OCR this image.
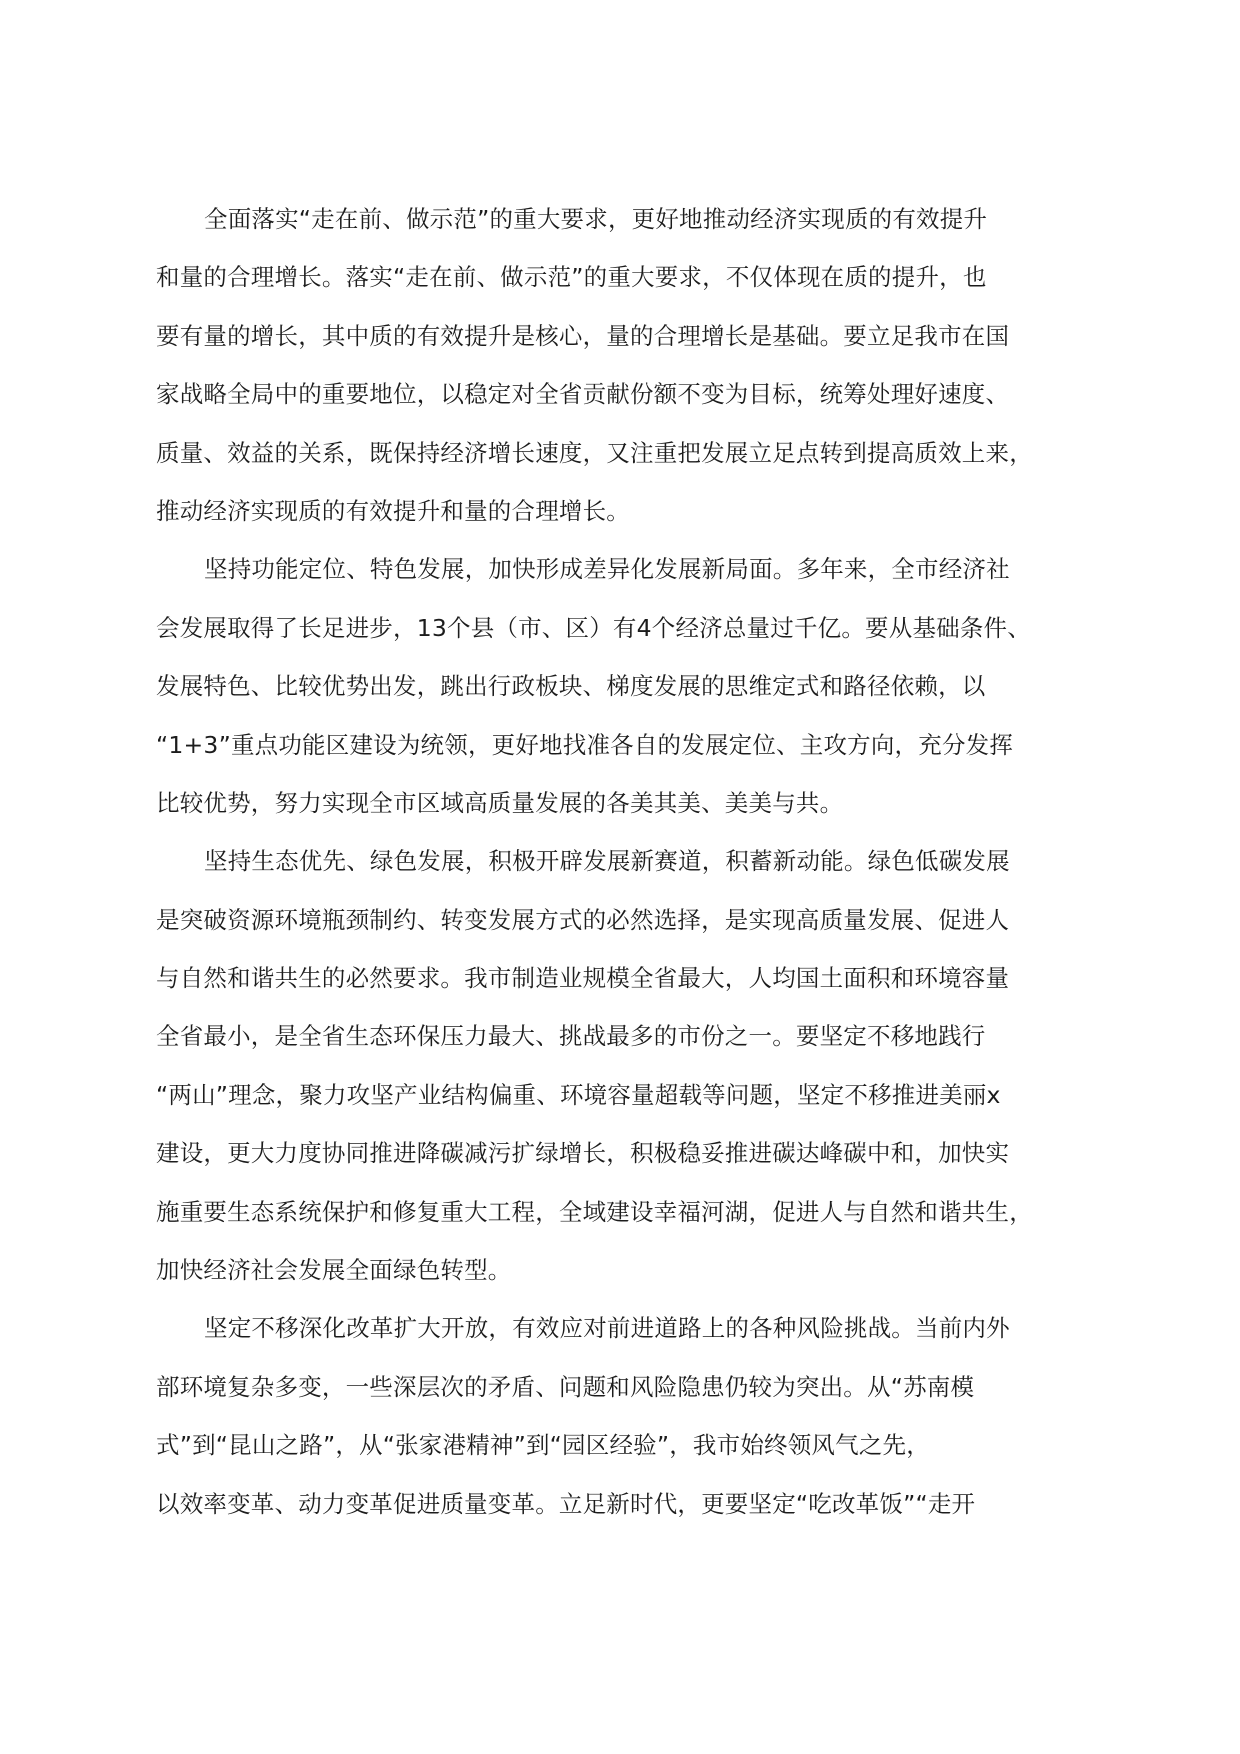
全面落实“走在前、做示范”的重大要求，更好地推动经济实现质的有效提升
和量的合理增长。落实“走在前、做示范”的重大要求，不仅体现在质的提升，也
要有量的增长，其中质的有效提升是核心，量的合理增长是基础。要立足我市在国
家战略全局中的重要地位，以稳定对全省贡献份额不变为目标，统筹处理好速度、
质量、效益的关系，既保持经济增长速度，又注重把发展立足点转到提高质效上来，
推动经济实现质的有效提升和量的合理增长。
坚持功能定位、特色发展，加快形成差异化发展新局面。多年来，全市经济社
会发展取得了长足进步，13个县（市、区）有4个经济总量过千亿。要从基础条件、
发展特色、比较优势出发，跳出行政板块、梯度发展的思维定式和路径依赖，以
“1+3”重点功能区建设为统领，更好地找准各自的发展定位、主攻方向，充分发挥
比较优势，努力实现全市区域高质量发展的各美其美、美美与共。
坚持生态优先、绿色发展，积极开辟发展新赛道，积蓄新动能。绿色低碳发展
是突破资源环境瓶颈制约、转变发展方式的必然选择，是实现高质量发展、促进人
与自然和谐共生的必然要求。我市制造业规模全省最大，人均国土面积和环境容量
全省最小，是全省生态环保压力最大、挑战最多的市份之一。要坚定不移地践行
“两山”理念，聚力攻坚产业结构偏重、环境容量超载等问题，坚定不移推进美丽x
建设，更大力度协同推进降碳减污扩绿增长，积极稳妥推进碳达峰碳中和，加快实
施重要生态系统保护和修复重大工程，全域建设幸福河湖，促进人与自然和谐共生，
加快经济社会发展全面绿色转型。
坚定不移深化改革扩大开放，有效应对前进道路上的各种风险挑战。当前内外
部环境复杂多变，一些深层次的矛盾、问题和风险隐患仍较为突出。从“苏南模
式”到“昆山之路”，从“张家港精神”到“园区经验”，我市始终领风气之先，
以效率变革、动力变革促进质量变革。立足新时代，更要坚定“吃改革饭”“走开
